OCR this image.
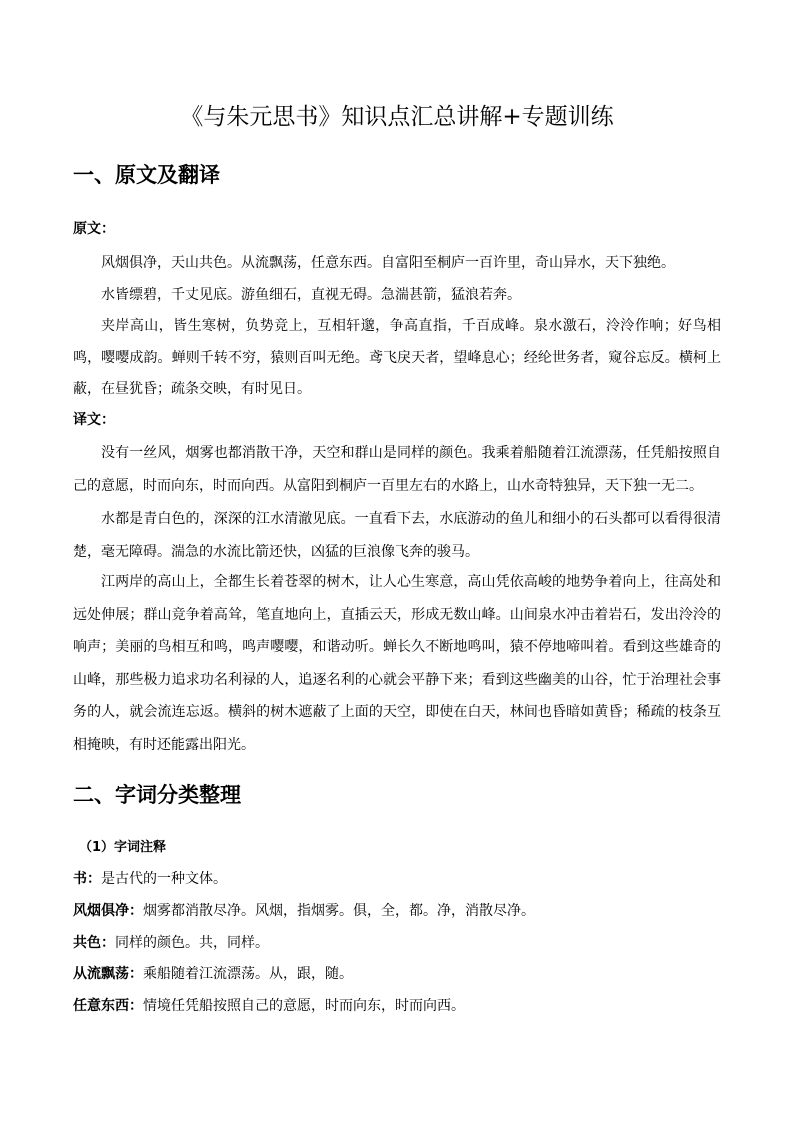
《与朱元思书》知识点汇总讲解+专题训练
一、原文及翻译
原文：

风烟俱净，天山共色。从流飘荡，任意东西。自富阳至桐庐一百许里，奇山异水，天下独绝。

水皆缥碧，千丈见底。游鱼细石，直视无碍。急湍甚箭，猛浪若奔。

夹岸高山，皆生寒树，负势竞上，互相轩邈，争高直指，千百成峰。泉水激石，泠泠作响；好鸟相鸣，嘤嘤成韵。蝉则千转不穷，猿则百叫无绝。鸢飞戾天者，望峰息心；经纶世务者，窥谷忘反。横柯上蔽，在昼犹昏；疏条交映，有时见日。

译文：

没有一丝风，烟雾也都消散干净，天空和群山是同样的颜色。我乘着船随着江流漂荡，任凭船按照自己的意愿，时而向东，时而向西。从富阳到桐庐一百里左右的水路上，山水奇特独异，天下独一无二。

水都是青白色的，深深的江水清澈见底。一直看下去，水底游动的鱼儿和细小的石头都可以看得很清楚，毫无障碍。湍急的水流比箭还快，凶猛的巨浪像飞奔的骏马。

江两岸的高山上，全都生长着苍翠的树木，让人心生寒意，高山凭依高峻的地势争着向上，往高处和远处伸展；群山竞争着高耸，笔直地向上，直插云天，形成无数山峰。山间泉水冲击着岩石，发出泠泠的响声；美丽的鸟相互和鸣，鸣声嘤嘤，和谐动听。蝉长久不断地鸣叫，猿不停地啼叫着。看到这些雄奇的山峰，那些极力追求功名利禄的人，追逐名利的心就会平静下来；看到这些幽美的山谷，忙于治理社会事务的人，就会流连忘返。横斜的树木遮蔽了上面的天空，即使在白天，林间也昏暗如黄昏；稀疏的枝条互相掩映，有时还能露出阳光。

二、字词分类整理
（1）字词注释

书：是古代的一种文体。

风烟俱净：烟雾都消散尽净。风烟，指烟雾。俱，全，都。净，消散尽净。

共色：同样的颜色。共，同样。

从流飘荡：乘船随着江流漂荡。从，跟，随。

任意东西：情境任凭船按照自己的意愿，时而向东，时而向西。
